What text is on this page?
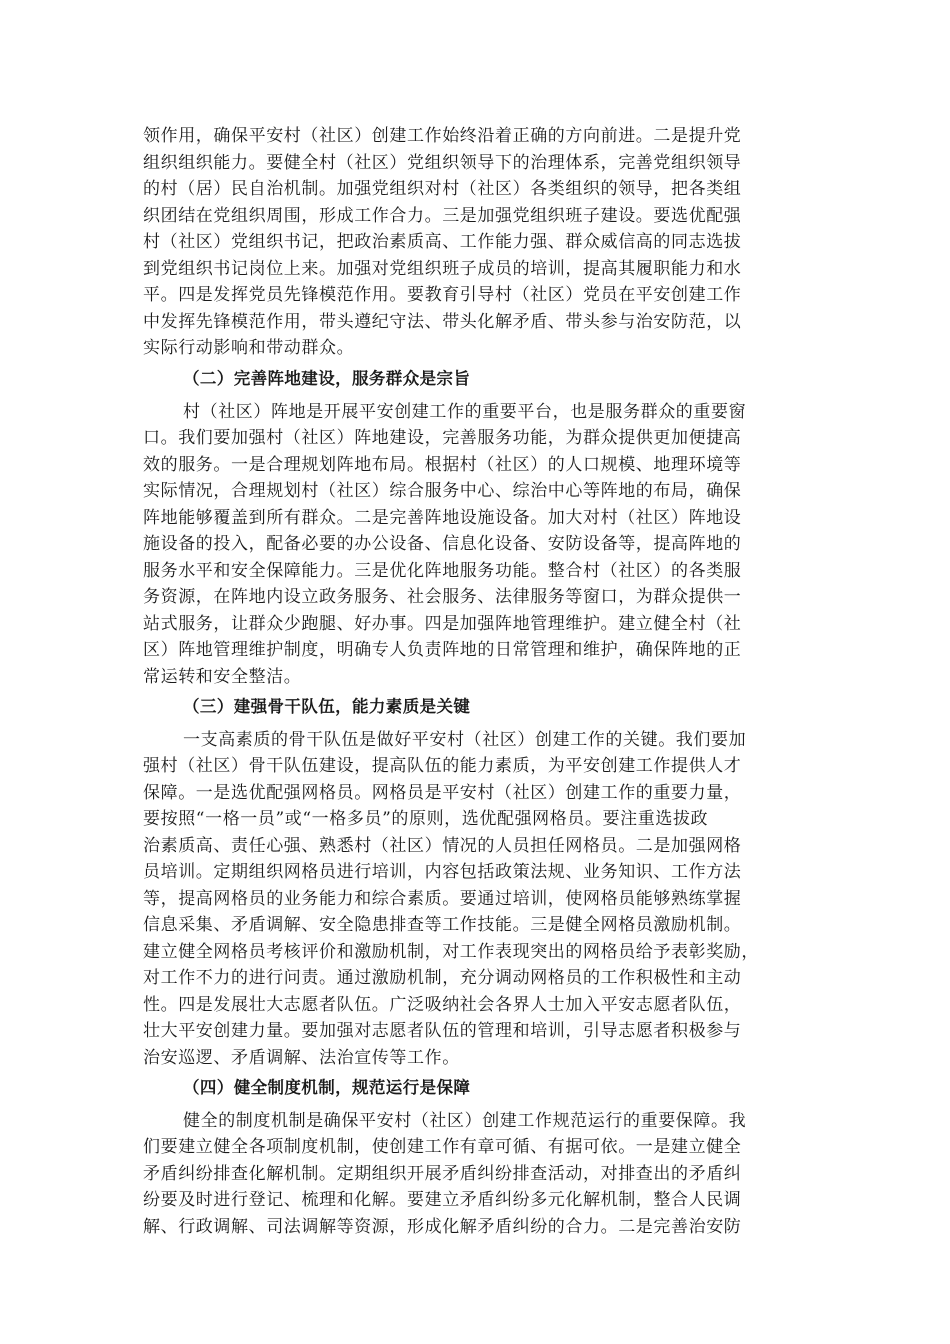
领作用，确保平安村（社区）创建工作始终沿着正确的方向前进。二是提升党
组织组织能力。要健全村（社区）党组织领导下的治理体系，完善党组织领导
的村（居）民自治机制。加强党组织对村（社区）各类组织的领导，把各类组
织团结在党组织周围，形成工作合力。三是加强党组织班子建设。要选优配强
村（社区）党组织书记，把政治素质高、工作能力强、群众威信高的同志选拔
到党组织书记岗位上来。加强对党组织班子成员的培训，提高其履职能力和水
平。四是发挥党员先锋模范作用。要教育引导村（社区）党员在平安创建工作
中发挥先锋模范作用，带头遵纪守法、带头化解矛盾、带头参与治安防范，以
实际行动影响和带动群众。
（二）完善阵地建设，服务群众是宗旨
村（社区）阵地是开展平安创建工作的重要平台，也是服务群众的重要窗
口。我们要加强村（社区）阵地建设，完善服务功能，为群众提供更加便捷高
效的服务。一是合理规划阵地布局。根据村（社区）的人口规模、地理环境等
实际情况，合理规划村（社区）综合服务中心、综治中心等阵地的布局，确保
阵地能够覆盖到所有群众。二是完善阵地设施设备。加大对村（社区）阵地设
施设备的投入，配备必要的办公设备、信息化设备、安防设备等，提高阵地的
服务水平和安全保障能力。三是优化阵地服务功能。整合村（社区）的各类服
务资源，在阵地内设立政务服务、社会服务、法律服务等窗口，为群众提供一
站式服务，让群众少跑腿、好办事。四是加强阵地管理维护。建立健全村（社
区）阵地管理维护制度，明确专人负责阵地的日常管理和维护，确保阵地的正
常运转和安全整洁。
（三）建强骨干队伍，能力素质是关键
一支高素质的骨干队伍是做好平安村（社区）创建工作的关键。我们要加
强村（社区）骨干队伍建设，提高队伍的能力素质，为平安创建工作提供人才
保障。一是选优配强网格员。网格员是平安村（社区）创建工作的重要力量，
要按照“一格一员”或“一格多员”的原则，选优配强网格员。要注重选拔政
治素质高、责任心强、熟悉村（社区）情况的人员担任网格员。二是加强网格
员培训。定期组织网格员进行培训，内容包括政策法规、业务知识、工作方法
等，提高网格员的业务能力和综合素质。要通过培训，使网格员能够熟练掌握
信息采集、矛盾调解、安全隐患排查等工作技能。三是健全网格员激励机制。
建立健全网格员考核评价和激励机制，对工作表现突出的网格员给予表彰奖励，
对工作不力的进行问责。通过激励机制，充分调动网格员的工作积极性和主动
性。四是发展壮大志愿者队伍。广泛吸纳社会各界人士加入平安志愿者队伍，
壮大平安创建力量。要加强对志愿者队伍的管理和培训，引导志愿者积极参与
治安巡逻、矛盾调解、法治宣传等工作。
（四）健全制度机制，规范运行是保障
健全的制度机制是确保平安村（社区）创建工作规范运行的重要保障。我
们要建立健全各项制度机制，使创建工作有章可循、有据可依。一是建立健全
矛盾纠纷排查化解机制。定期组织开展矛盾纠纷排查活动，对排查出的矛盾纠
纷要及时进行登记、梳理和化解。要建立矛盾纠纷多元化解机制，整合人民调
解、行政调解、司法调解等资源，形成化解矛盾纠纷的合力。二是完善治安防
